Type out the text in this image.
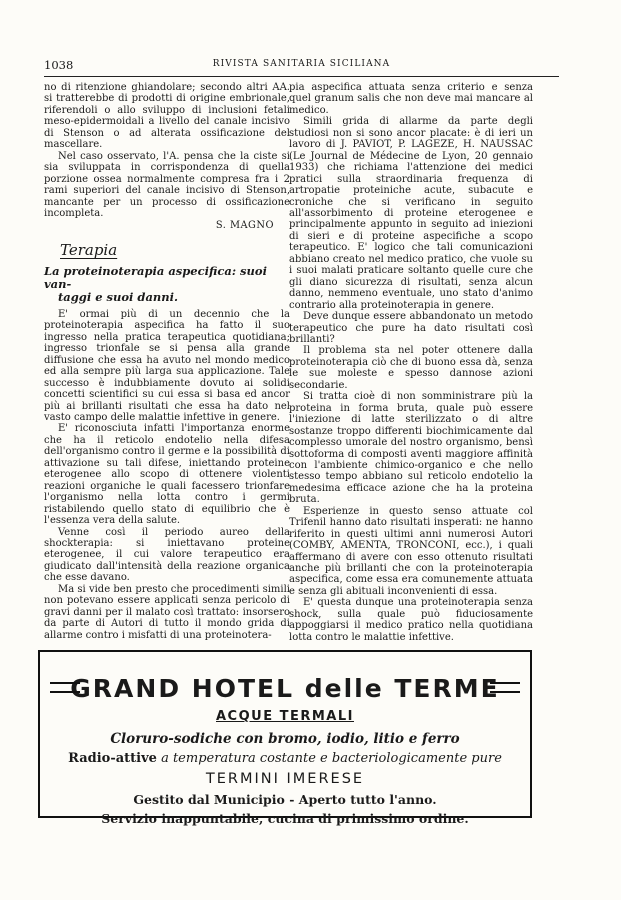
1038	RIVISTA SANITARIA SICILIANA

no di ritenzione ghiandolare; secondo altri AA. si tratterebbe di prodotti di origine embrionale, riferendoli o allo sviluppo di inclusioni fetali meso-epidermoidali a livello del canale incisivo di Stenson o ad alterata ossificazione del mascellare.

Nel caso osservato, l'A. pensa che la ciste si sia sviluppata in corrispondenza di quella porzione ossea normalmente compresa fra i 2 rami superiori del canale incisivo di Stenson, mancante per un processo di ossificazione incompleta.

S. MAGNO
Terapia
La proteinoterapia aspecifica: suoi van-
taggi e suoi danni.

E' ormai più di un decennio che la proteinoterapia aspecifica ha fatto il suo ingresso nella pratica terapeutica quotidiana; ingresso trionfale se si pensa alla grande diffusione che essa ha avuto nel mondo medico ed alla sempre più larga sua applicazione. Tale successo è indubbiamente dovuto ai solidi concetti scientifici su cui essa si basa ed ancor più ai brillanti risultati che essa ha dato nel vasto campo delle malattie infettive in genere.

E' riconosciuta infatti l'importanza enorme che ha il reticolo endotelio nella difesa dell'organismo contro il germe e la possibilità di attivazione su tali difese, iniettando proteine eterogenee allo scopo di ottenere violenti reazioni organiche le quali facessero trionfare l'organismo nella lotta contro i germi ristabilendo quello stato di equilibrio che è l'essenza vera della salute.

Venne così il periodo aureo della shockterapia: si iniettavano proteine eterogenee, il cui valore terapeutico era giudicato dall'intensità della reazione organica che esse davano.

Ma si vide ben presto che procedimenti simili non potevano essere applicati senza pericolo di gravi danni per il malato così trattato: insorsero da parte di Autori di tutto il mondo grida di allarme contro i misfatti di una proteinotera-

pia aspecifica attuata senza criterio e senza quel granum salis che non deve mai mancare al medico.

Simili grida di allarme da parte degli studiosi non si sono ancor placate: è di ieri un lavoro di J. PAVIOT, P. LAGEZE, H. NAUSSAC (Le Journal de Médecine de Lyon, 20 gennaio 1933) che richiama l'attenzione dei medici pratici sulla straordinaria frequenza di artropatie proteiniche acute, subacute e croniche che si verificano in seguito all'assorbimento di proteine eterogenee e principalmente appunto in seguito ad iniezioni di sieri e di proteine aspecifiche a scopo terapeutico. E' logico che tali comunicazioni abbiano creato nel medico pratico, che vuole su i suoi malati praticare soltanto quelle cure che gli diano sicurezza di risultati, senza alcun danno, nemmeno eventuale, uno stato d'animo contrario alla proteinoterapia in genere.

Deve dunque essere abbandonato un metodo terapeutico che pure ha dato risultati così brillanti?

Il problema sta nel poter ottenere dalla proteinoterapia ciò che di buono essa dà, senza le sue moleste e spesso dannose azioni secondarie.

Si tratta cioè di non somministrare più la proteina in forma bruta, quale può essere l'iniezione di latte sterilizzato o di altre sostanze troppo differenti biochimicamente dal complesso umorale del nostro organismo, bensì sottoforma di composti aventi maggiore affinità con l'ambiente chimico-organico e che nello stesso tempo abbiano sul reticolo endotelio la medesima efficace azione che ha la proteina bruta.

Esperienze in questo senso attuate col Trifenil hanno dato risultati insperati: ne hanno riferito in questi ultimi anni numerosi Autori (COMBY, AMENTA, TRONCONI, ecc.), i quali affermano di avere con esso ottenuto risultati anche più brillanti che con la proteinoterapia aspecifica, come essa era comunemente attuata e senza gli abituali inconvenienti di essa.

E' questa dunque una proteinoterapia senza shock, sulla quale può fiduciosamente appoggiarsi il medico pratico nella quotidiana lotta contro le malattie infettive.

GRAND HOTEL delle TERME
ACQUE TERMALI
Cloruro-sodiche con bromo, iodio, litio e ferro
Radio-attive a temperatura costante e bacteriologicamente pure
TERMINI IMERESE
Gestito dal Municipio - Aperto tutto l'anno.
Servizio inappuntabile, cucina di primissimo ordine.
